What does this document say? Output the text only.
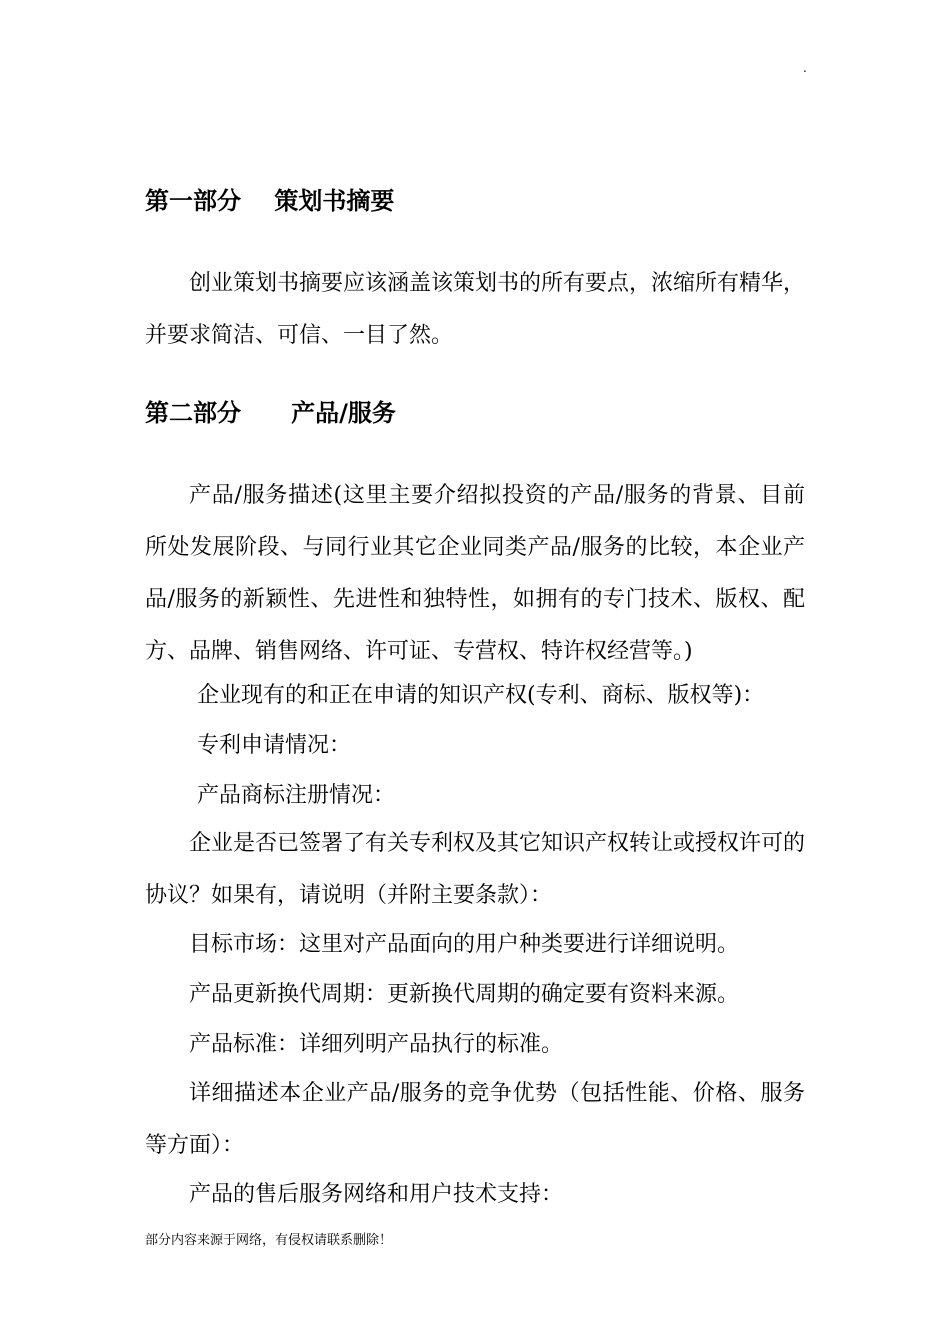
.
第一部分    策划书摘要

创业策划书摘要应该涵盖该策划书的所有要点，浓缩所有精华，并要求简洁、可信、一目了然。

第二部分      产品/服务

产品/服务描述(这里主要介绍拟投资的产品/服务的背景、目前所处发展阶段、与同行业其它企业同类产品/服务的比较，本企业产品/服务的新颖性、先进性和独特性，如拥有的专门技术、版权、配方、品牌、销售网络、许可证、专营权、特许权经营等。)

企业现有的和正在申请的知识产权(专利、商标、版权等)：
专利申请情况：
产品商标注册情况：

企业是否已签署了有关专利权及其它知识产权转让或授权许可的协议？如果有，请说明（并附主要条款）：

目标市场：这里对产品面向的用户种类要进行详细说明。
产品更新换代周期：更新换代周期的确定要有资料来源。
产品标准：详细列明产品执行的标准。

详细描述本企业产品/服务的竞争优势（包括性能、价格、服务等方面）：

产品的售后服务网络和用户技术支持：
部分内容来源于网络，有侵权请联系删除！
